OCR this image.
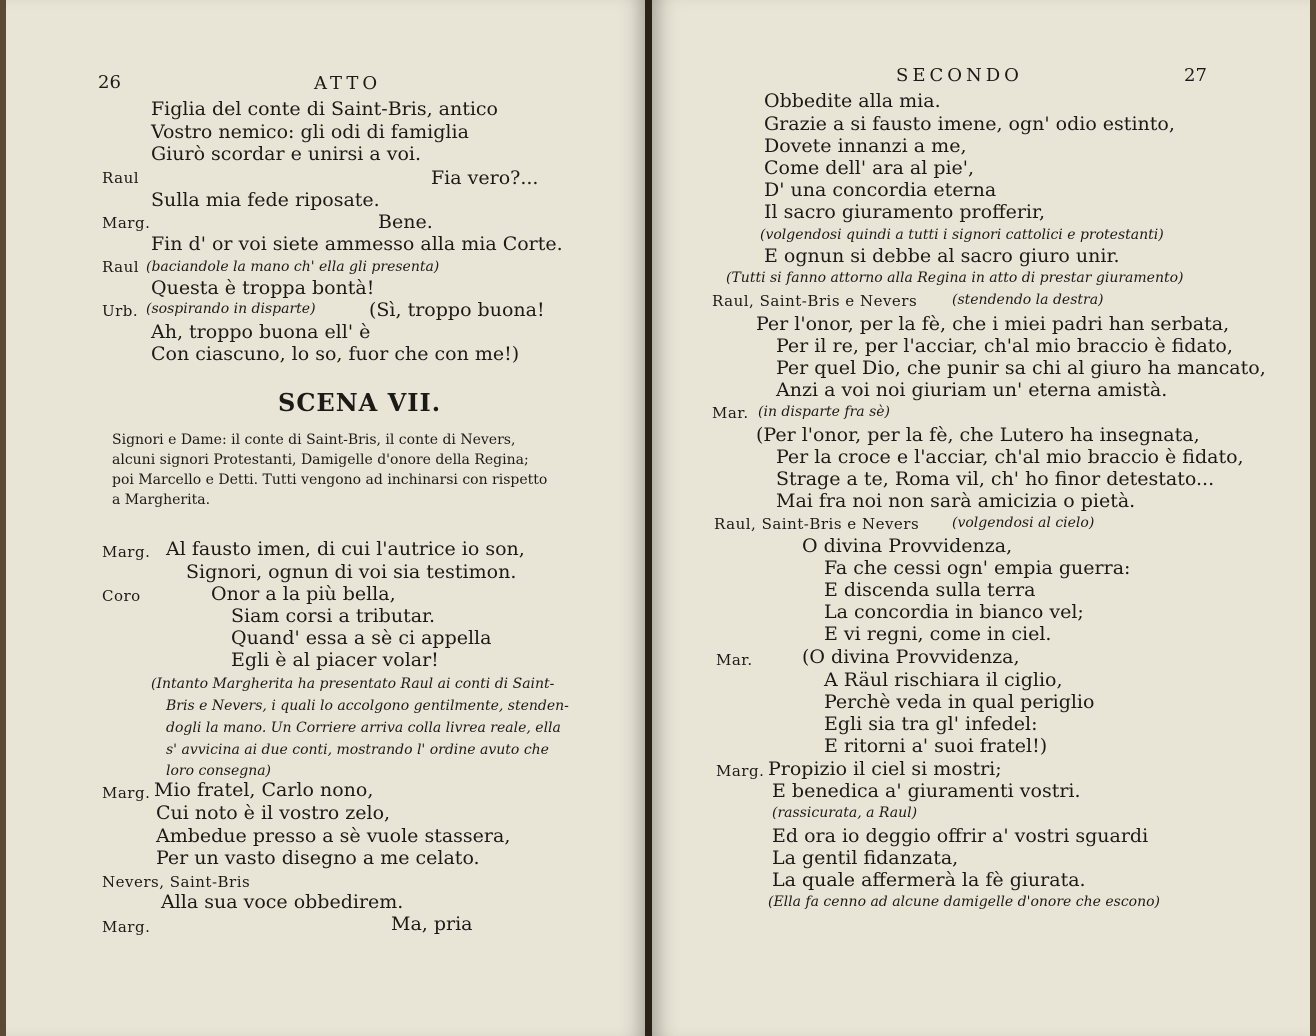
26	ATTO
Figlia del conte di Saint-Bris, antico
Vostro nemico: gli odi di famiglia
Giurò scordar e unirsi a voi.
Raul	Fia vero?...
Sulla mia fede riposate.
Marg.	Bene.
Fin d' or voi siete ammesso alla mia Corte.
Raul (baciandole la mano ch' ella gli presenta)
Questa è troppa bontà!
Urb. (sospirando in disparte)	(Sì, troppo buona!
Ah, troppo buona ell' è
Con ciascuno, lo so, fuor che con me!)
SCENA VII.
Signori e Dame: il conte di Saint-Bris, il conte di Nevers,
alcuni signori Protestanti, Damigelle d'onore della Regina;
poi Marcello e Detti. Tutti vengono ad inchinarsi con rispetto
a Margherita.
Marg. Al fausto imen, di cui l'autrice io son,
Signori, ognun di voi sia testimon.
Coro	Onor a la più bella,
Siam corsi a tributar.
Quand' essa a sè ci appella
Egli è al piacer volar!
(Intanto Margherita ha presentato Raul ai conti di Saint-
Bris e Nevers, i quali lo accolgono gentilmente, stenden-
dogli la mano. Un Corriere arriva colla livrea reale, ella
s' avvicina ai due conti, mostrando l' ordine avuto che
loro consegna)
Marg. Mio fratel, Carlo nono,
Cui noto è il vostro zelo,
Ambedue presso a sè vuole stassera,
Per un vasto disegno a me celato.
Nevers, Saint-Bris
Alla sua voce obbedirem.
Marg.	Ma, pria
SECONDO	27
Obbedite alla mia.
Grazie a si fausto imene, ogn' odio estinto,
Dovete innanzi a me,
Come dell' ara al pie',
D' una concordia eterna
Il sacro giuramento profferir,
(volgendosi quindi a tutti i signori cattolici e protestanti)
E ognun si debbe al sacro giuro unir.
(Tutti si fanno attorno alla Regina in atto di prestar giuramento)
Raul, Saint-Bris e Nevers (stendendo la destra)
Per l'onor, per la fè, che i miei padri han serbata,
Per il re, per l'acciar, ch'al mio braccio è fidato,
Per quel Dio, che punir sa chi al giuro ha mancato,
Anzi a voi noi giuriam un' eterna amistà.
Mar. (in disparte fra sè)
(Per l'onor, per la fè, che Lutero ha insegnata,
Per la croce e l'acciar, ch'al mio braccio è fidato,
Strage a te, Roma vil, ch' ho finor detestato...
Mai fra noi non sarà amicizia o pietà.
Raul, Saint-Bris e Nevers (volgendosi al cielo)
O divina Provvidenza,
Fa che cessi ogn' empia guerra:
E discenda sulla terra
La concordia in bianco vel;
E vi regni, come in ciel.
Mar.	(O divina Provvidenza,
A Räul rischiara il ciglio,
Perchè veda in qual periglio
Egli sia tra gl' infedel:
E ritorni a' suoi fratel!)
Marg. Propizio il ciel si mostri;
E benedica a' giuramenti vostri.
(rassicurata, a Raul)
Ed ora io deggio offrir a' vostri sguardi
La gentil fidanzata,
La quale affermerà la fè giurata.
(Ella fa cenno ad alcune damigelle d'onore che escono)
